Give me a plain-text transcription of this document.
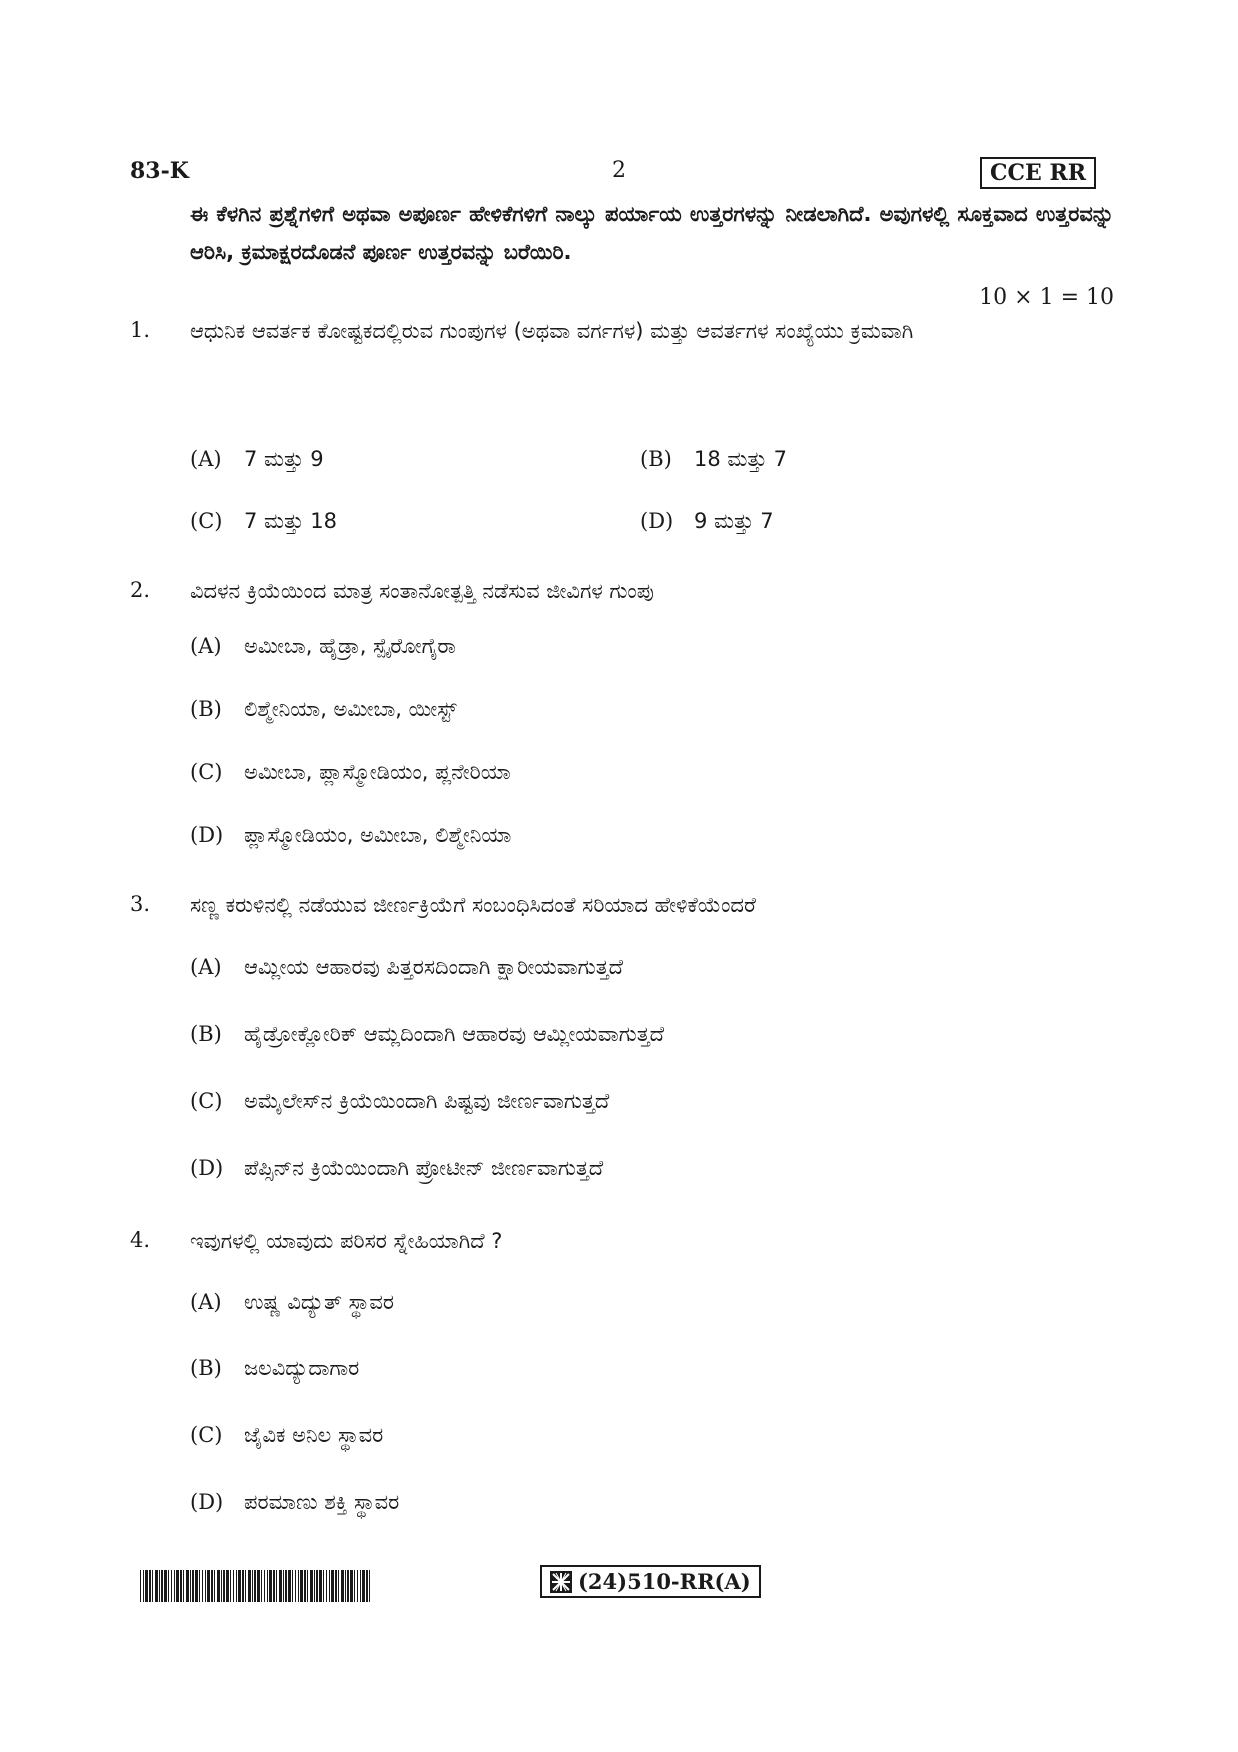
83-K	2	CCE RR
ಈ ಕೆಳಗಿನ ಪ್ರಶ್ನೆಗಳಿಗೆ ಅಥವಾ ಅಪೂರ್ಣ ಹೇಳಿಕೆಗಳಿಗೆ ನಾಲ್ಕು ಪರ್ಯಾಯ ಉತ್ತರಗಳನ್ನು ನೀಡಲಾಗಿದೆ. ಅವುಗಳಲ್ಲಿ ಸೂಕ್ತವಾದ ಉತ್ತರವನ್ನು ಆರಿಸಿ, ಕ್ರಮಾಕ್ಷರದೊಡನೆ ಪೂರ್ಣ ಉತ್ತರವನ್ನು ಬರೆಯಿರಿ.
10 × 1 = 10
1. ಆಧುನಿಕ ಆವರ್ತಕ ಕೋಷ್ಟಕದಲ್ಲಿರುವ ಗುಂಪುಗಳ (ಅಥವಾ ವರ್ಗಗಳ) ಮತ್ತು ಆವರ್ತಗಳ ಸಂಖ್ಯೆಯು ಕ್ರಮವಾಗಿ
(A) 7 ಮತ್ತು 9	(B) 18 ಮತ್ತು 7
(C) 7 ಮತ್ತು 18	(D) 9 ಮತ್ತು 7
2. ವಿದಳನ ಕ್ರಿಯೆಯಿಂದ ಮಾತ್ರ ಸಂತಾನೋತ್ಪತ್ತಿ ನಡೆಸುವ ಜೀವಿಗಳ ಗುಂಪು
(A) ಅಮೀಬಾ, ಹೈಡ್ರಾ, ಸ್ಪೈರೋಗೈರಾ
(B) ಲಿಶ್ಮೇನಿಯಾ, ಅಮೀಬಾ, ಯೀಸ್ಟ್
(C) ಅಮೀಬಾ, ಪ್ಲಾಸ್ಮೋಡಿಯಂ, ಪ್ಲನೇರಿಯಾ
(D) ಪ್ಲಾಸ್ಮೋಡಿಯಂ, ಅಮೀಬಾ, ಲಿಶ್ಮೇನಿಯಾ
3. ಸಣ್ಣ ಕರುಳಿನಲ್ಲಿ ನಡೆಯುವ ಜೀರ್ಣಕ್ರಿಯೆಗೆ ಸಂಬಂಧಿಸಿದಂತೆ ಸರಿಯಾದ ಹೇಳಿಕೆಯೆಂದರೆ
(A) ಆಮ್ಲೀಯ ಆಹಾರವು ಪಿತ್ತರಸದಿಂದಾಗಿ ಕ್ಷಾರೀಯವಾಗುತ್ತದೆ
(B) ಹೈಡ್ರೋಕ್ಲೋರಿಕ್ ಆಮ್ಲದಿಂದಾಗಿ ಆಹಾರವು ಆಮ್ಲೀಯವಾಗುತ್ತದೆ
(C) ಅಮೈಲೇಸ್‌ನ ಕ್ರಿಯೆಯಿಂದಾಗಿ ಪಿಷ್ಟವು ಜೀರ್ಣವಾಗುತ್ತದೆ
(D) ಪೆಪ್ಸಿನ್‌ನ ಕ್ರಿಯೆಯಿಂದಾಗಿ ಪ್ರೋಟೀನ್ ಜೀರ್ಣವಾಗುತ್ತದೆ
4. ಇವುಗಳಲ್ಲಿ ಯಾವುದು ಪರಿಸರ ಸ್ನೇಹಿಯಾಗಿದೆ ?
(A) ಉಷ್ಣ ವಿದ್ಯುತ್ ಸ್ಥಾವರ
(B) ಜಲವಿದ್ಯುದಾಗಾರ
(C) ಜೈವಿಕ ಅನಿಲ ಸ್ಥಾವರ
(D) ಪರಮಾಣು ಶಕ್ತಿ ಸ್ಥಾವರ
(24)510-RR(A)
